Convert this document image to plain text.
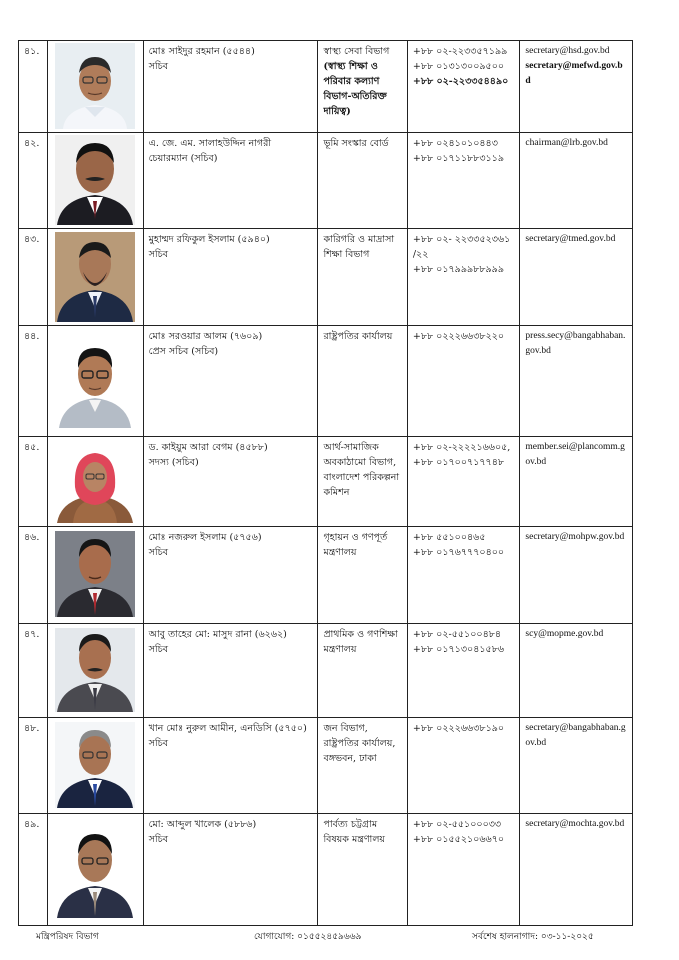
৪১.		মোঃ সাইদুর রহমান (৫৫৪৪)
সচিব	স্বাস্থ্য সেবা বিভাগ
(স্বাস্থ্য শিক্ষা ও পরিবার কল্যাণ বিভাগ-অতিরিক্ত দায়িত্ব)	+৮৮ ০২-২২৩৩৫৭১৯৯
+৮৮ ০১৩১৩০০৯৫০০
+৮৮ ০২-২২৩৩৫৪৪৯০	secretary@hsd.gov.bd
secretary@mefwd.gov.bd

৪২.		এ. জে. এম. সালাহউদ্দিন নাগরী
চেয়ারম্যান (সচিব)	ভূমি সংস্কার বোর্ড	+৮৮ ০২৪১০১০৪৪৩
+৮৮ ০১৭১১৮৮৩১১৯	chairman@lrb.gov.bd

৪৩.		মুহাম্মদ রফিকুল ইসলাম (৫৯৪০)
সচিব	কারিগরি ও মাদ্রাসা শিক্ষা বিভাগ	+৮৮ ০২- ২২৩৩৫২৩৬১
/২২
+৮৮ ০১৭৯৯৯৮৮৯৯৯	secretary@tmed.gov.bd

৪৪.		মোঃ সরওয়ার আলম (৭৬০৯)
প্রেস সচিব (সচিব)	রাষ্ট্রপতির কার্যালয়	+৮৮ ০২২২৬৬৩৮২২০	press.secy@bangabhaban.gov.bd

৪৫.		ড. কাইয়ুম আরা বেগম (৪৫৮৮)
সদস্য (সচিব)	আর্থ-সামাজিক অবকাঠামো বিভাগ, বাংলাদেশ পরিকল্পনা কমিশন	+৮৮ ০২-২২২২১৬৬০৫,
+৮৮ ০১৭০০৭১৭৭৪৮	member.sei@plancomm.gov.bd

৪৬.		মোঃ নজরুল ইসলাম (৫৭৫৬)
সচিব	গৃহায়ন ও গণপূর্ত মন্ত্রণালয়	+৮৮ ৫৫১০০৪৬৫
+৮৮ ০১৭৬৭৭৭০৪০০	secretary@mohpw.gov.bd

৪৭.		আবু তাহের মো: মাসুদ রানা (৬২৬২)
সচিব	প্রাথমিক ও গণশিক্ষা মন্ত্রণালয়	+৮৮ ০২-৫৫১০০৪৮৪
+৮৮ ০১৭১৩০৪১৫৮৬	scy@mopme.gov.bd

৪৮.		খান মোঃ নুরুল আমীন, এনডিসি (৫৭৫০)
সচিব	জন বিভাগ, রাষ্ট্রপতির কার্যালয়, বঙ্গভবন, ঢাকা	+৮৮ ০২২২৬৬৩৮১৯০	secretary@bangabhaban.gov.bd

৪৯.		মো: আব্দুল খালেক (৫৮৮৬)
সচিব	পার্বত্য চট্টগ্রাম বিষয়ক মন্ত্রণালয়	+৮৮ ০২-৫৫১০০০৩৩
+৮৮ ০১৫৫২১০৬৬৭০	secretary@mochta.gov.bd
মন্ত্রিপরিষদ বিভাগ	যোগাযোগ: ০১৫৫২৪৫৯৬৬৯	সর্বশেষ হালনাগাদ: ০৩-১১-২০২৫
